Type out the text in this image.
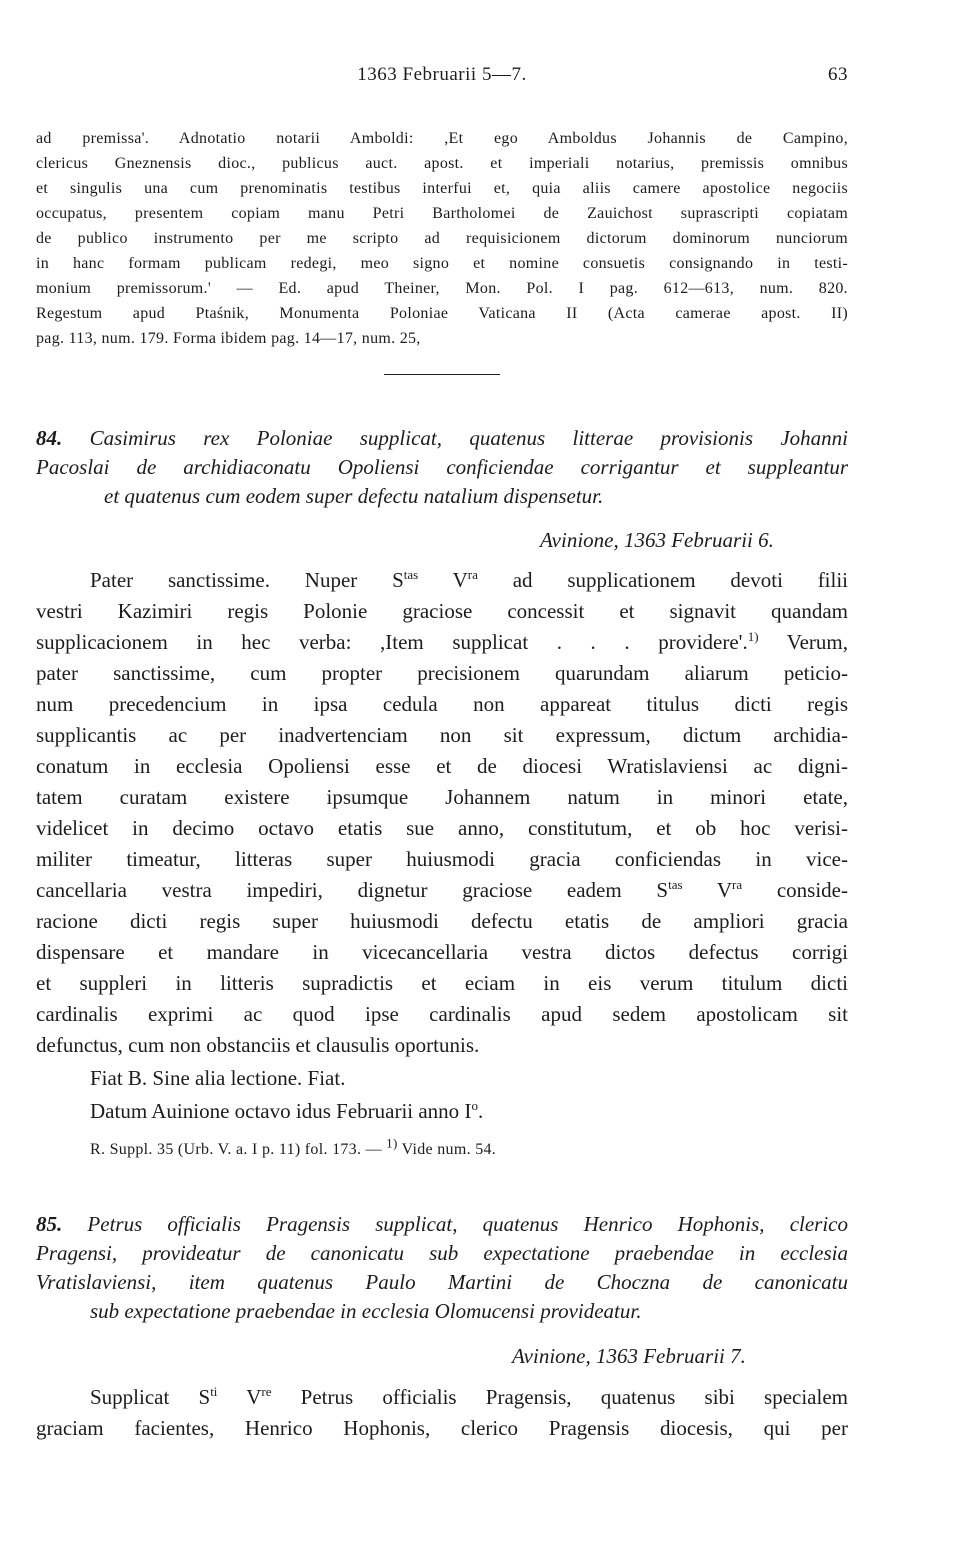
1363 Februarii 5—7.	63
ad premissa'. Adnotatio notarii Amboldi: ,Et ego Amboldus Johannis de Campino,
clericus Gneznensis dioc., publicus auct. apost. et imperiali notarius, premissis omnibus
et singulis una cum prenominatis testibus interfui et, quia aliis camere apostolice negociis
occupatus, presentem copiam manu Petri Bartholomei de Zauichost suprascripti copiatam
de publico instrumento per me scripto ad requisicionem dictorum dominorum nunciorum
in hanc formam publicam redegi, meo signo et nomine consuetis consignando in testi-
monium premissorum.' — Ed. apud Theiner, Mon. Pol. I pag. 612—613, num. 820.
Regestum apud Ptaśnik, Monumenta Poloniae Vaticana II (Acta camerae apost. II)
pag. 113, num. 179. Forma ibidem pag. 14—17, num. 25,
84. Casimirus rex Poloniae supplicat, quatenus litterae provisionis Johanni
Pacoslai de archidiaconatu Opoliensi conficiendae corrigantur et suppleantur
et quatenus cum eodem super defectu natalium dispensetur.
Avinione, 1363 Februarii 6.
Pater sanctissime. Nuper $S^{tas}$ $V^{ra}$ ad supplicationem devoti filii
vestri Kazimiri regis Polonie graciose concessit et signavit quandam
supplicacionem in hec verba: ,Item supplicat . . . providere'.$^{1)}$ Verum,
pater sanctissime, cum propter precisionem quarundam aliarum peticio-
num precedencium in ipsa cedula non appareat titulus dicti regis
supplicantis ac per inadvertenciam non sit expressum, dictum archidia-
conatum in ecclesia Opoliensi esse et de diocesi Wratislaviensi ac digni-
tatem curatam existere ipsumque Johannem natum in minori etate,
videlicet in decimo octavo etatis sue anno, constitutum, et ob hoc verisi-
militer timeatur, litteras super huiusmodi gracia conficiendas in vice-
cancellaria vestra impediri, dignetur graciose eadem $S^{tas}$ $V^{ra}$ conside-
racione dicti regis super huiusmodi defectu etatis de ampliori gracia
dispensare et mandare in vicecancellaria vestra dictos defectus corrigi
et suppleri in litteris supradictis et eciam in eis verum titulum dicti
cardinalis exprimi ac quod ipse cardinalis apud sedem apostolicam sit
defunctus, cum non obstanciis et clausulis oportunis.
Fiat B. Sine alia lectione. Fiat.
Datum Auinione octavo idus Februarii anno $I^o$.
R. Suppl. 35 (Urb. V. a. I p. 11) fol. 173. — $^{1)}$ Vide num. 54.
85. Petrus officialis Pragensis supplicat, quatenus Henrico Hophonis, clerico
Pragensi, provideatur de canonicatu sub expectatione praebendae in ecclesia
Vratislaviensi, item quatenus Paulo Martini de Choczna de canonicatu
sub expectatione praebendae in ecclesia Olomucensi provideatur.
Avinione, 1363 Februarii 7.
Supplicat $S^{ti}$ Vre Petrus officialis Pragensis, quatenus sibi specialem
graciam facientes, Henrico Hophonis, clerico Pragensis diocesis, qui per
